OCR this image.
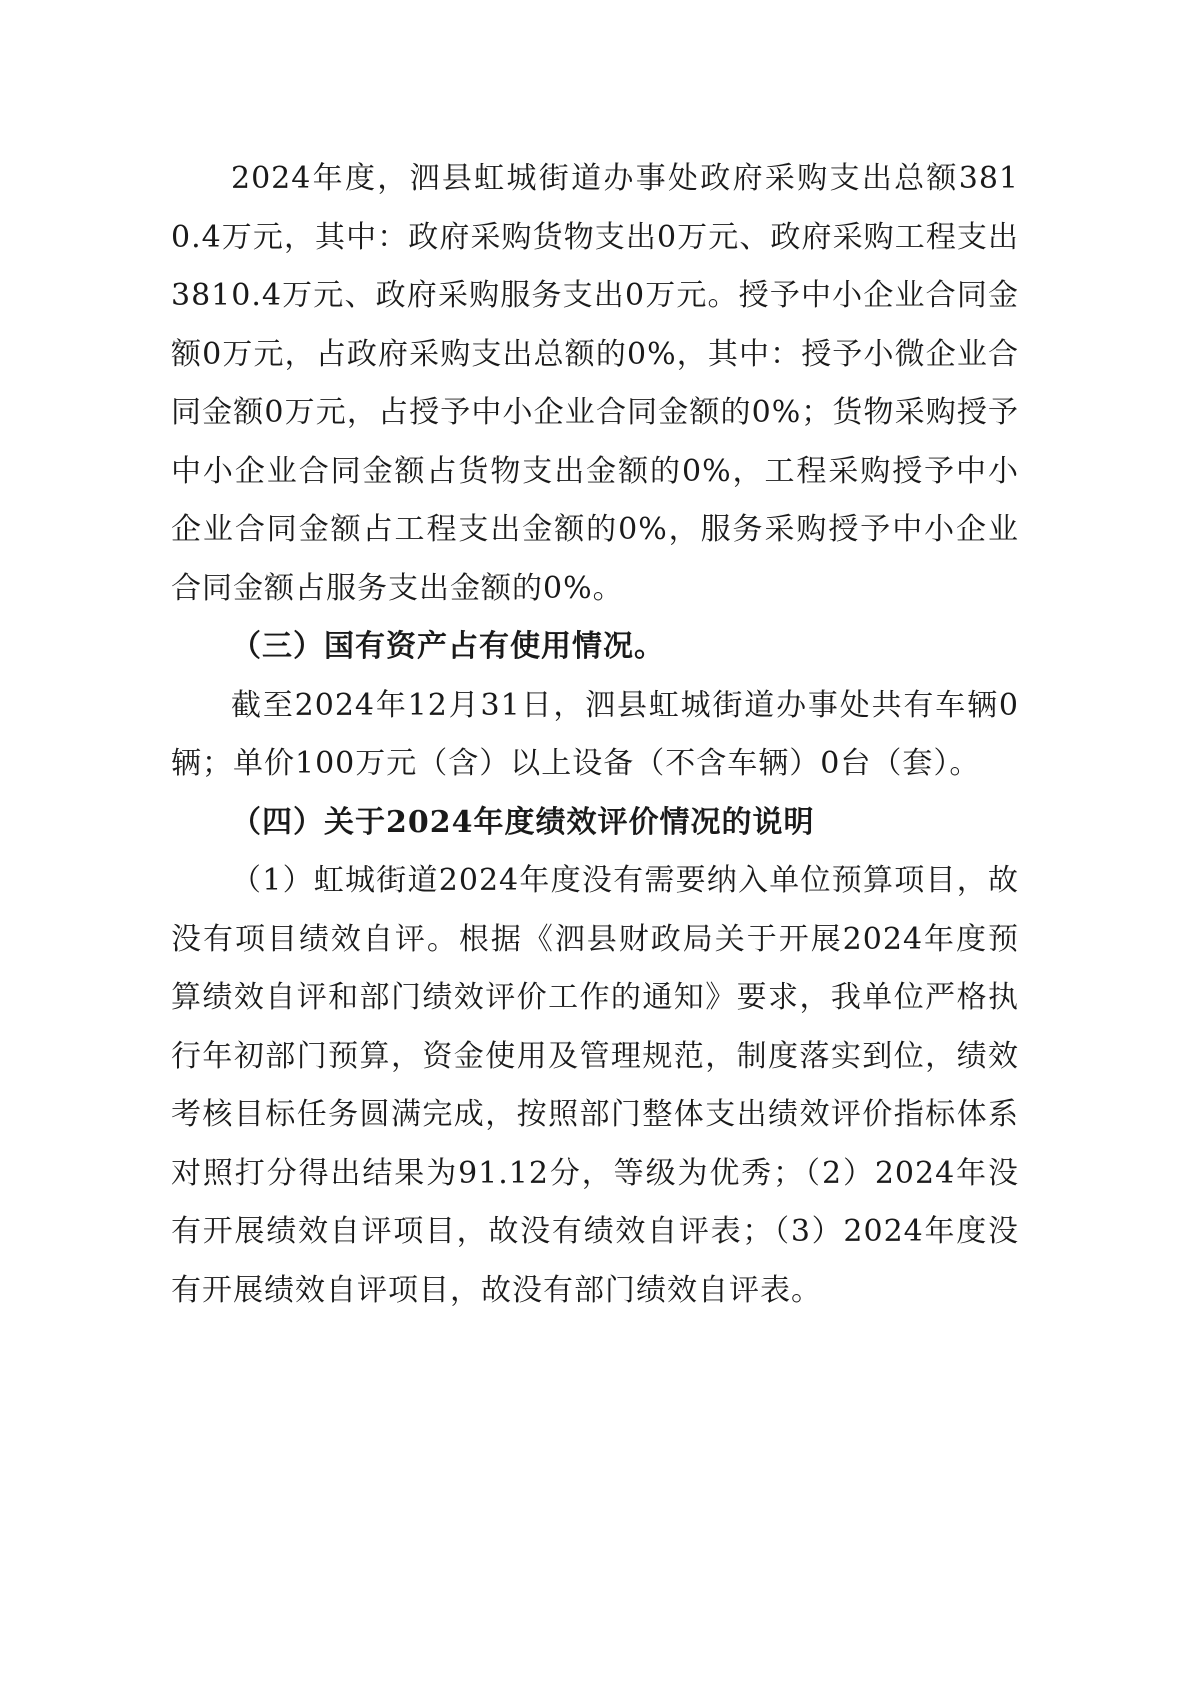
2024年度，泗县虹城街道办事处政府采购支出总额3810.4万元，其中：政府采购货物支出0万元、政府采购工程支出3810.4万元、政府采购服务支出0万元。授予中小企业合同金额0万元，占政府采购支出总额的0%，其中：授予小微企业合同金额0万元，占授予中小企业合同金额的0%；货物采购授予中小企业合同金额占货物支出金额的0%，工程采购授予中小企业合同金额占工程支出金额的0%，服务采购授予中小企业合同金额占服务支出金额的0%。

（三）国有资产占有使用情况。

截至2024年12月31日，泗县虹城街道办事处共有车辆0辆；单价100万元（含）以上设备（不含车辆）0台（套）。

（四）关于2024年度绩效评价情况的说明

（1）虹城街道2024年度没有需要纳入单位预算项目，故没有项目绩效自评。根据《泗县财政局关于开展2024年度预算绩效自评和部门绩效评价工作的通知》要求，我单位严格执行年初部门预算，资金使用及管理规范，制度落实到位，绩效考核目标任务圆满完成，按照部门整体支出绩效评价指标体系对照打分得出结果为91.12分，等级为优秀；（2）2024年没有开展绩效自评项目，故没有绩效自评表；（3）2024年度没有开展绩效自评项目，故没有部门绩效自评表。
